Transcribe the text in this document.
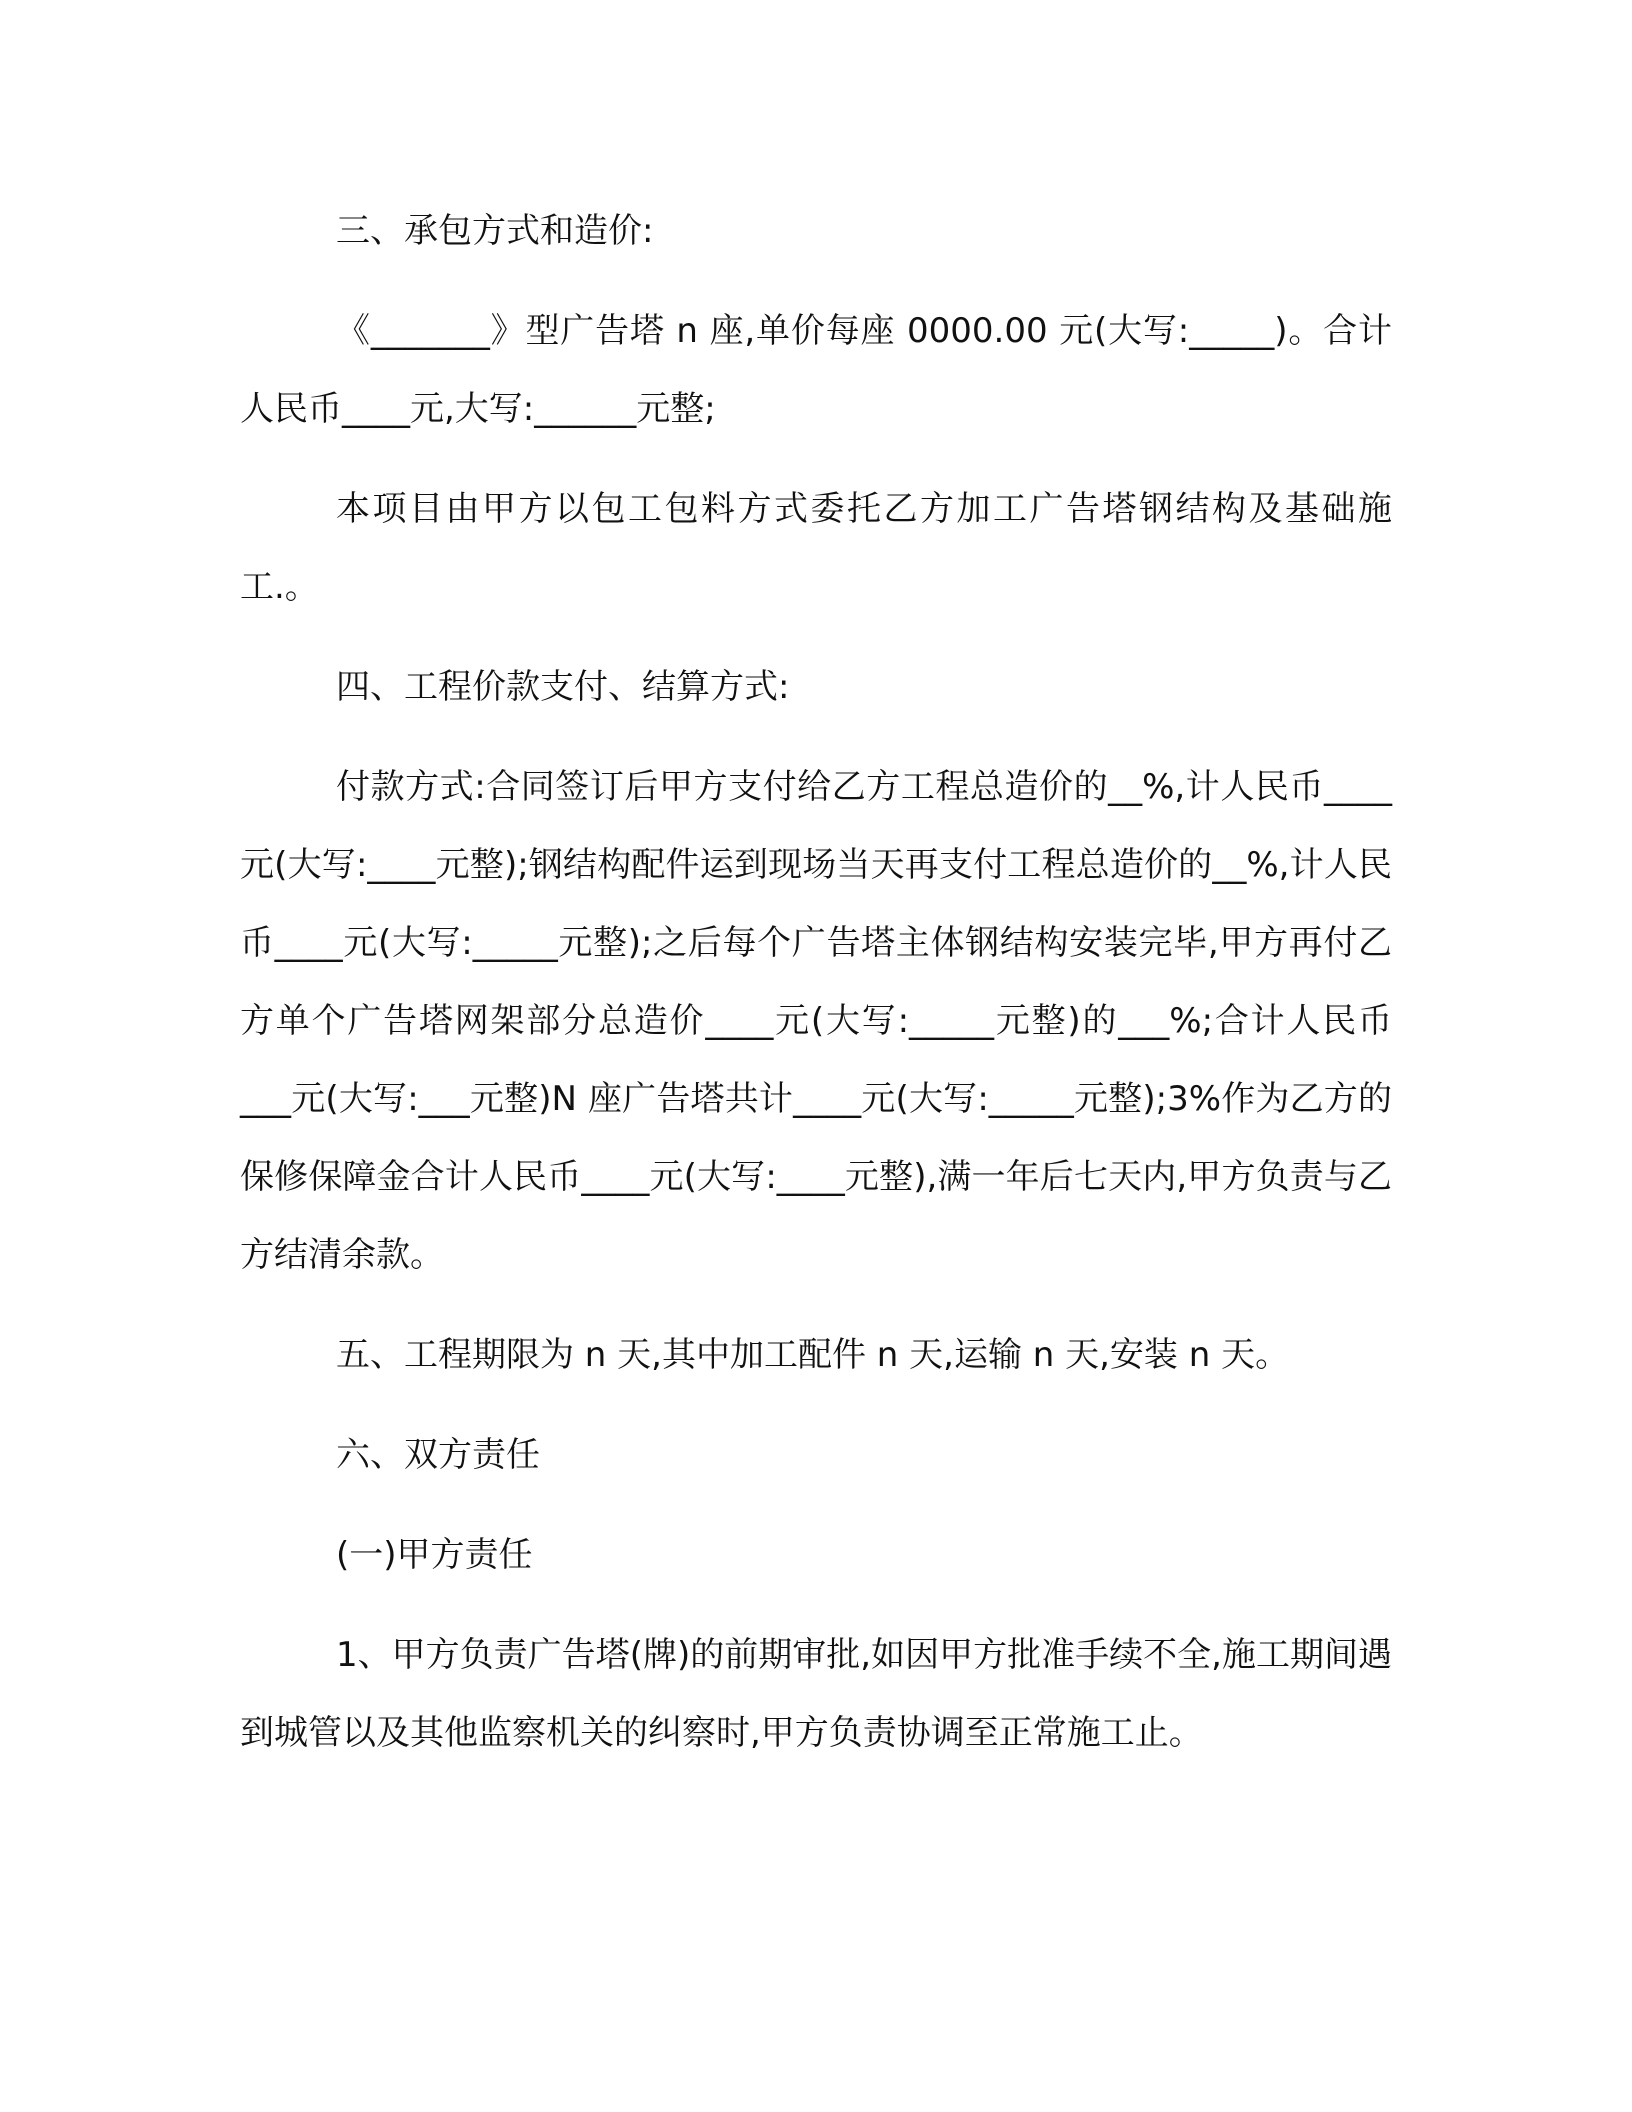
三、承包方式和造价:

《_______》型广告塔 n 座,单价每座 0000.00 元(大写:_____)。合计人民币____元,大写:______元整;

本项目由甲方以包工包料方式委托乙方加工广告塔钢结构及基础施工.。

四、工程价款支付、结算方式:

付款方式:合同签订后甲方支付给乙方工程总造价的__%,计人民币____元(大写:____元整);钢结构配件运到现场当天再支付工程总造价的__%,计人民币____元(大写:_____元整);之后每个广告塔主体钢结构安装完毕,甲方再付乙方单个广告塔网架部分总造价____元(大写:_____元整)的___%;合计人民币___元(大写:___元整)N 座广告塔共计____元(大写:_____元整);3%作为乙方的保修保障金合计人民币____元(大写:____元整),满一年后七天内,甲方负责与乙方结清余款。

五、工程期限为 n 天,其中加工配件 n 天,运输 n 天,安装 n 天。

六、双方责任

(一)甲方责任

1、甲方负责广告塔(牌)的前期审批,如因甲方批准手续不全,施工期间遇到城管以及其他监察机关的纠察时,甲方负责协调至正常施工止。
